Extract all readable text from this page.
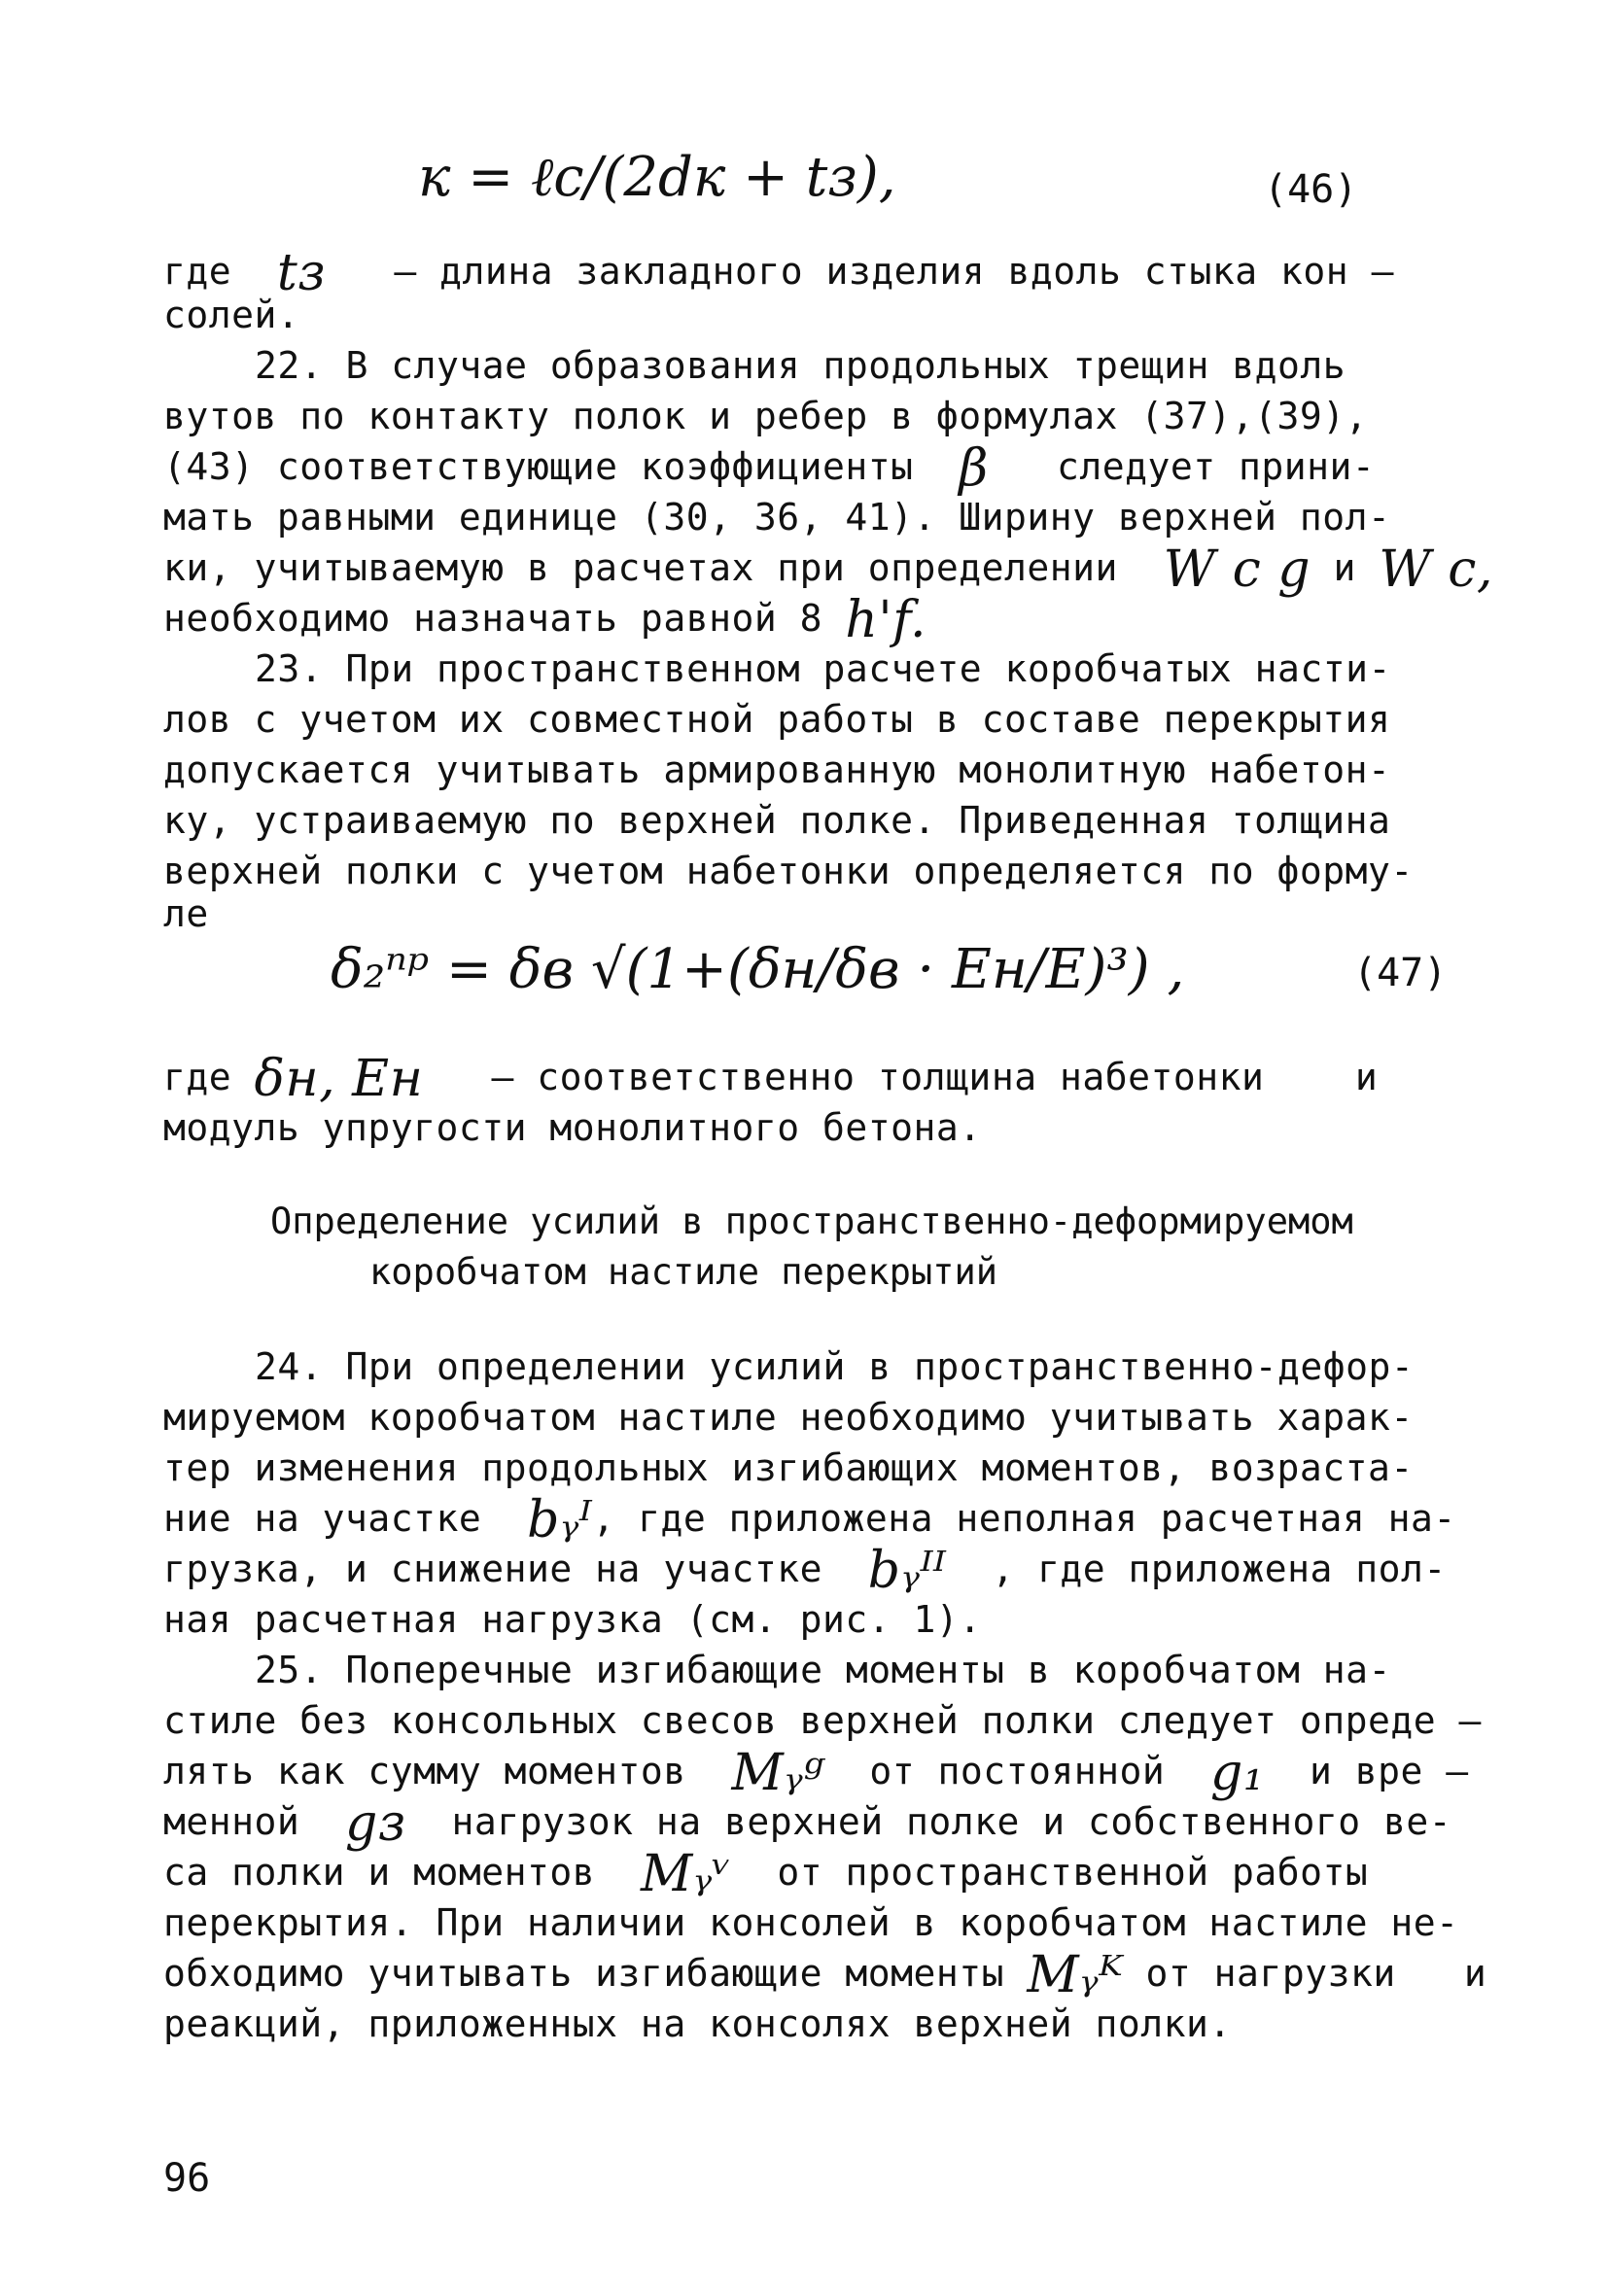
к = ℓc/(2dк + tз),	(46)
где tз – длина закладного изделия вдоль стыка кон –
солей.
22. В случае образования продольных трещин вдоль
вутов по контакту полок и ребер в формулах (37),(39),
(43) соответствующие коэффициенты β следует прини-
мать равными единице (30, 36, 41). Ширину верхней пол-
ки, учитываемую в расчетах при определении W c g и W c,
необходимо назначать равной 8 h'f.
23. При пространственном расчете коробчатых насти-
лов с учетом их совместной работы в составе перекрытия
допускается учитывать армированную монолитную набетон-
ку, устраиваемую по верхней полке. Приведенная толщина
верхней полки с учетом набетонки определяется по форму-
ле
δ₂ⁿᵖ = δв √(1+(δн/δв · Eн/E)³) ,	(47)
где δн, Eн – соответственно толщина набетонки    и
модуль упругости монолитного бетона.
Определение усилий в пространственно-деформируемом
коробчатом настиле перекрытий
24. При определении усилий в пространственно-дефор-
мируемом коробчатом настиле необходимо учитывать харак-
тер изменения продольных изгибающих моментов, возраста-
ние на участке bᵧᴵ, где приложена неполная расчетная на-
грузка, и снижение на участке bᵧᴵᴵ , где приложена пол-
ная расчетная нагрузка (см. рис. 1).
25. Поперечные изгибающие моменты в коробчатом на-
стиле без консольных свесов верхней полки следует опреде –
лять как сумму моментов Mᵧᵍ от постоянной g₁ и вре –
менной gз нагрузок на верхней полке и собственного ве-
са полки и моментов Mᵧᵛ от пространственной работы
перекрытия. При наличии консолей в коробчатом настиле не-
обходимо учитывать изгибающие моменты Mᵧᴷ от нагрузки   и
реакций, приложенных на консолях верхней полки.
96
